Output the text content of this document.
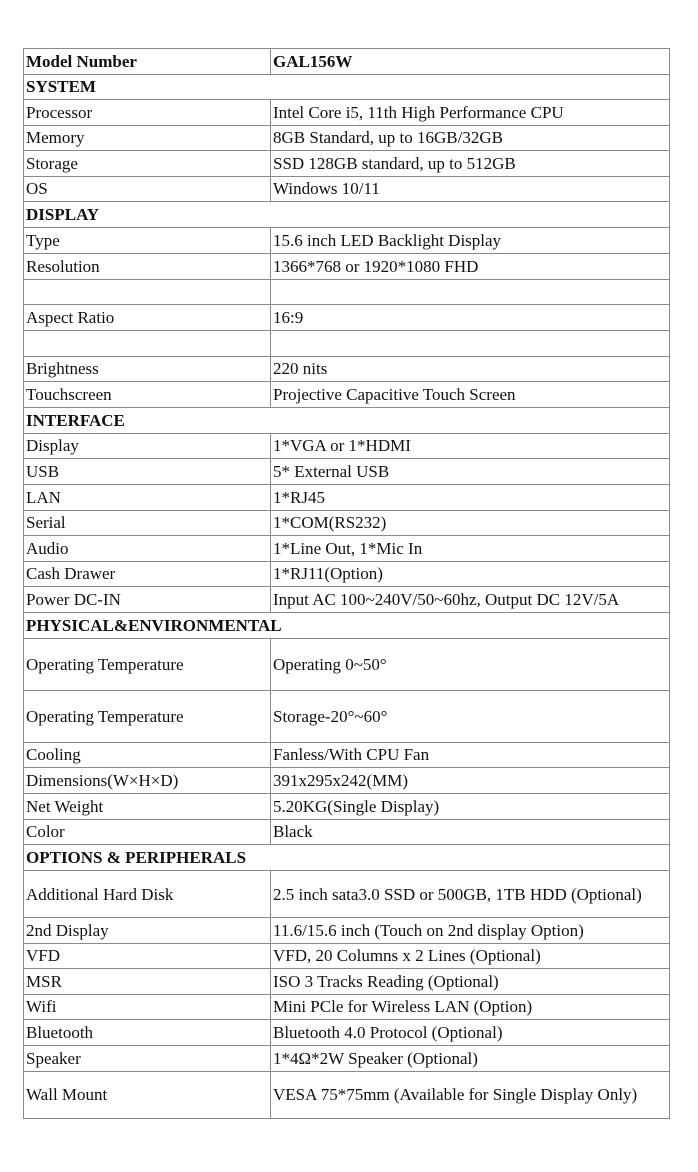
Model Number	GAL156W
SYSTEM	
Processor	Intel Core i5, 11th High Performance CPU
Memory	8GB Standard, up to 16GB/32GB
Storage	SSD 128GB standard, up to 512GB
OS	Windows 10/11
DISPLAY	
Type	15.6 inch LED Backlight Display
Resolution	1366*768 or 1920*1080 FHD

Aspect Ratio	16:9

Brightness	220 nits
Touchscreen	Projective Capacitive Touch Screen
INTERFACE	
Display	1*VGA or 1*HDMI
USB	5* External USB
LAN	1*RJ45
Serial	1*COM(RS232)
Audio	1*Line Out, 1*Mic In
Cash Drawer	1*RJ11(Option)
Power DC-IN	Input AC 100~240V/50~60hz, Output DC 12V/5A
PHYSICAL&ENVIRONMENTAL	
Operating Temperature	Operating 0~50°
Operating Temperature	Storage-20°~60°
Cooling	Fanless/With CPU Fan
Dimensions(W×H×D)	391x295x242(MM)
Net Weight	5.20KG(Single Display)
Color	Black
OPTIONS & PERIPHERALS	
Additional Hard Disk	2.5 inch sata3.0 SSD or 500GB, 1TB HDD (Optional)
2nd Display	11.6/15.6 inch (Touch on 2nd display Option)
VFD	VFD, 20 Columns x 2 Lines (Optional)
MSR	ISO 3 Tracks Reading (Optional)
Wifi	Mini PCle for Wireless LAN (Option)
Bluetooth	Bluetooth 4.0 Protocol (Optional)
Speaker	1*4Ω*2W Speaker (Optional)
Wall Mount	VESA 75*75mm (Available for Single Display Only)
